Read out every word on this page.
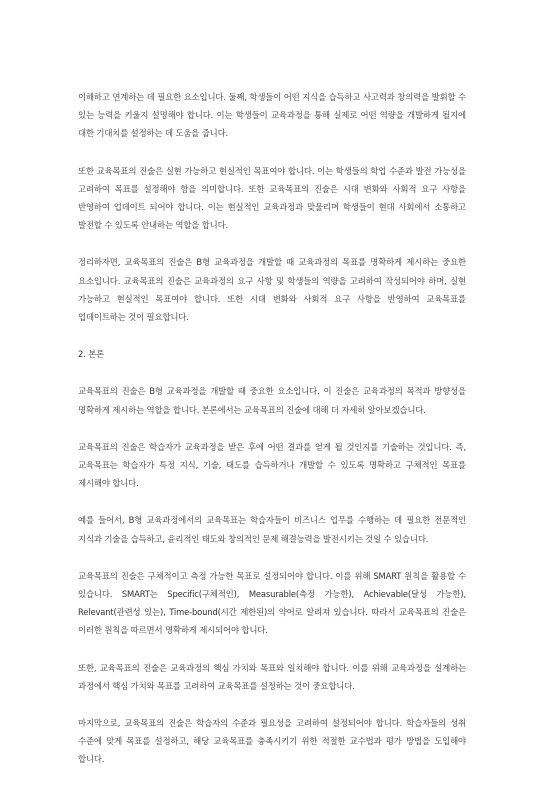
이해하고 연계하는 데 필요한 요소입니다. 둘째, 학생들이 어떤 지식을 습득하고 사고력과 창의력을 발휘할 수 있는 능력을 키울지 설명해야 합니다. 이는 학생들이 교육과정을 통해 실제로 어떤 역량을 개발하게 될지에 대한 기대치를 설정하는 데 도움을 줍니다.

또한 교육목표의 진술은 실현 가능하고 현실적인 목표여야 합니다. 이는 학생들의 학업 수준과 발전 가능성을 고려하여 목표를 설정해야 함을 의미합니다. 또한 교육목표의 진술은 시대 변화와 사회적 요구 사항을 반영하여 업데이트 되어야 합니다. 이는 현실적인 교육과정과 맞물리며 학생들이 현대 사회에서 소통하고 발전할 수 있도록 안내하는 역할을 합니다.

정리하자면, 교육목표의 진술은 B형 교육과정을 개발할 때 교육과정의 목표를 명확하게 제시하는 중요한 요소입니다. 교육목표의 진술은 교육과정의 요구 사항 및 학생들의 역량을 고려하여 작성되어야 하며, 실현 가능하고 현실적인 목표여야 합니다. 또한 시대 변화와 사회적 요구 사항을 반영하여 교육목표를 업데이트하는 것이 필요합니다.

2. 본론

교육목표의 진술은 B형 교육과정을 개발할 때 중요한 요소입니다. 이 진술은 교육과정의 목적과 방향성을 명확하게 제시하는 역할을 합니다. 본론에서는 교육목표의 진술에 대해 더 자세히 알아보겠습니다.

교육목표의 진술은 학습자가 교육과정을 받은 후에 어떤 결과를 얻게 될 것인지를 기술하는 것입니다. 즉, 교육목표는 학습자가 특정 지식, 기술, 태도를 습득하거나 개발할 수 있도록 명확하고 구체적인 목표를 제시해야 합니다.

예를 들어서, B형 교육과정에서의 교육목표는 학습자들이 비즈니스 업무를 수행하는 데 필요한 전문적인 지식과 기술을 습득하고, 윤리적인 태도와 창의적인 문제 해결능력을 발전시키는 것일 수 있습니다.

교육목표의 진술은 구체적이고 측정 가능한 목표로 설정되어야 합니다. 이를 위해 SMART 원칙을 활용할 수 있습니다. SMART는 Specific(구체적인), Measurable(측정 가능한), Achievable(달성 가능한), Relevant(관련성 있는), Time-bound(시간 제한된)의 약어로 알려져 있습니다. 따라서 교육목표의 진술은 이러한 원칙을 따르면서 명확하게 제시되어야 합니다.

또한, 교육목표의 진술은 교육과정의 핵심 가치와 목표와 일치해야 합니다. 이를 위해 교육과정을 설계하는 과정에서 핵심 가치와 목표를 고려하여 교육목표를 설정하는 것이 중요합니다.

마지막으로, 교육목표의 진술은 학습자의 수준과 필요성을 고려하여 설정되어야 합니다. 학습자들의 성취 수준에 맞게 목표를 설정하고, 해당 교육목표를 충족시키기 위한 적절한 교수법과 평가 방법을 도입해야 합니다.
